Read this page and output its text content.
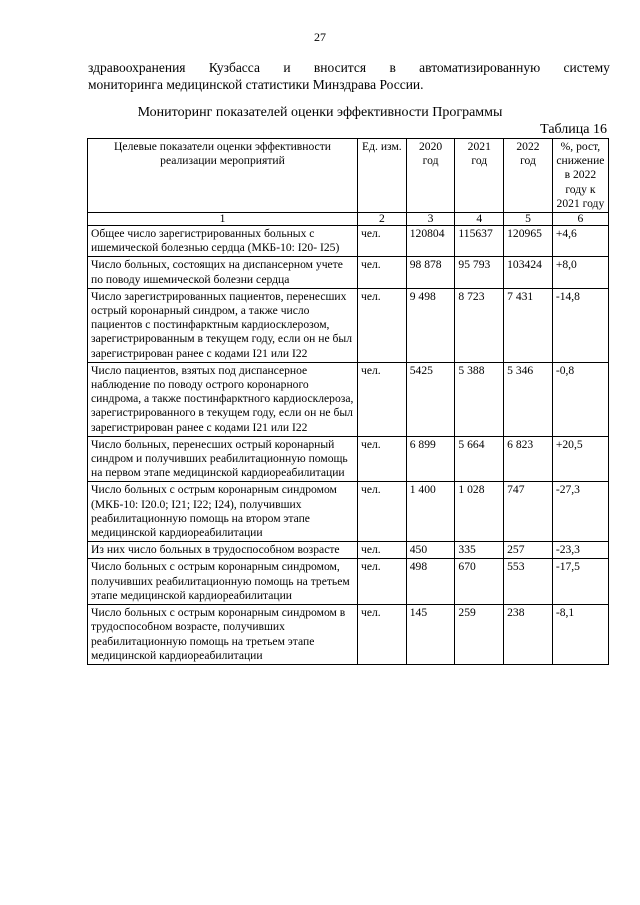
27
здравоохранения Кузбасса и вносится в автоматизированную систему
мониторинга медицинской статистики Минздрава России.
Мониторинг показателей оценки эффективности Программы
Таблица 16
Целевые показатели оценки эффективности реализации мероприятий	Ед. изм.	2020 год	2021 год	2022 год	%, рост, снижение в 2022 году к 2021 году
1	2	3	4	5	6
Общее число зарегистрированных больных с ишемической болезнью сердца (МКБ-10: I20- I25)	чел.	120804	115637	120965	+4,6
Число больных, состоящих на диспансерном учете по поводу ишемической болезни сердца	чел.	98 878	95 793	103424	+8,0
Число зарегистрированных пациентов, перенесших острый коронарный синдром, а также число пациентов с постинфарктным кардиосклерозом, зарегистрированным в текущем году, если он не был зарегистрирован ранее с кодами I21 или I22	чел.	9 498	8 723	7 431	-14,8
Число пациентов, взятых под диспансерное наблюдение по поводу острого коронарного синдрома, а также постинфарктного кардиосклероза, зарегистрированного в текущем году, если он не был зарегистрирован ранее с кодами I21 или I22	чел.	5425	5 388	5 346	-0,8
Число больных, перенесших острый коронарный синдром и получивших реабилитационную помощь на первом этапе медицинской кардиореабилитации	чел.	6 899	5 664	6 823	+20,5
Число больных с острым коронарным синдромом (МКБ-10: I20.0; I21; I22; I24), получивших реабилитационную помощь на втором этапе медицинской кардиореабилитации	чел.	1 400	1 028	747	-27,3
Из них число больных в трудоспособном возрасте	чел.	450	335	257	-23,3
Число больных с острым коронарным синдромом, получивших реабилитационную помощь на третьем этапе медицинской кардиореабилитации	чел.	498	670	553	-17,5
Число больных с острым коронарным синдромом в трудоспособном возрасте, получивших реабилитационную помощь на третьем этапе медицинской кардиореабилитации	чел.	145	259	238	-8,1
